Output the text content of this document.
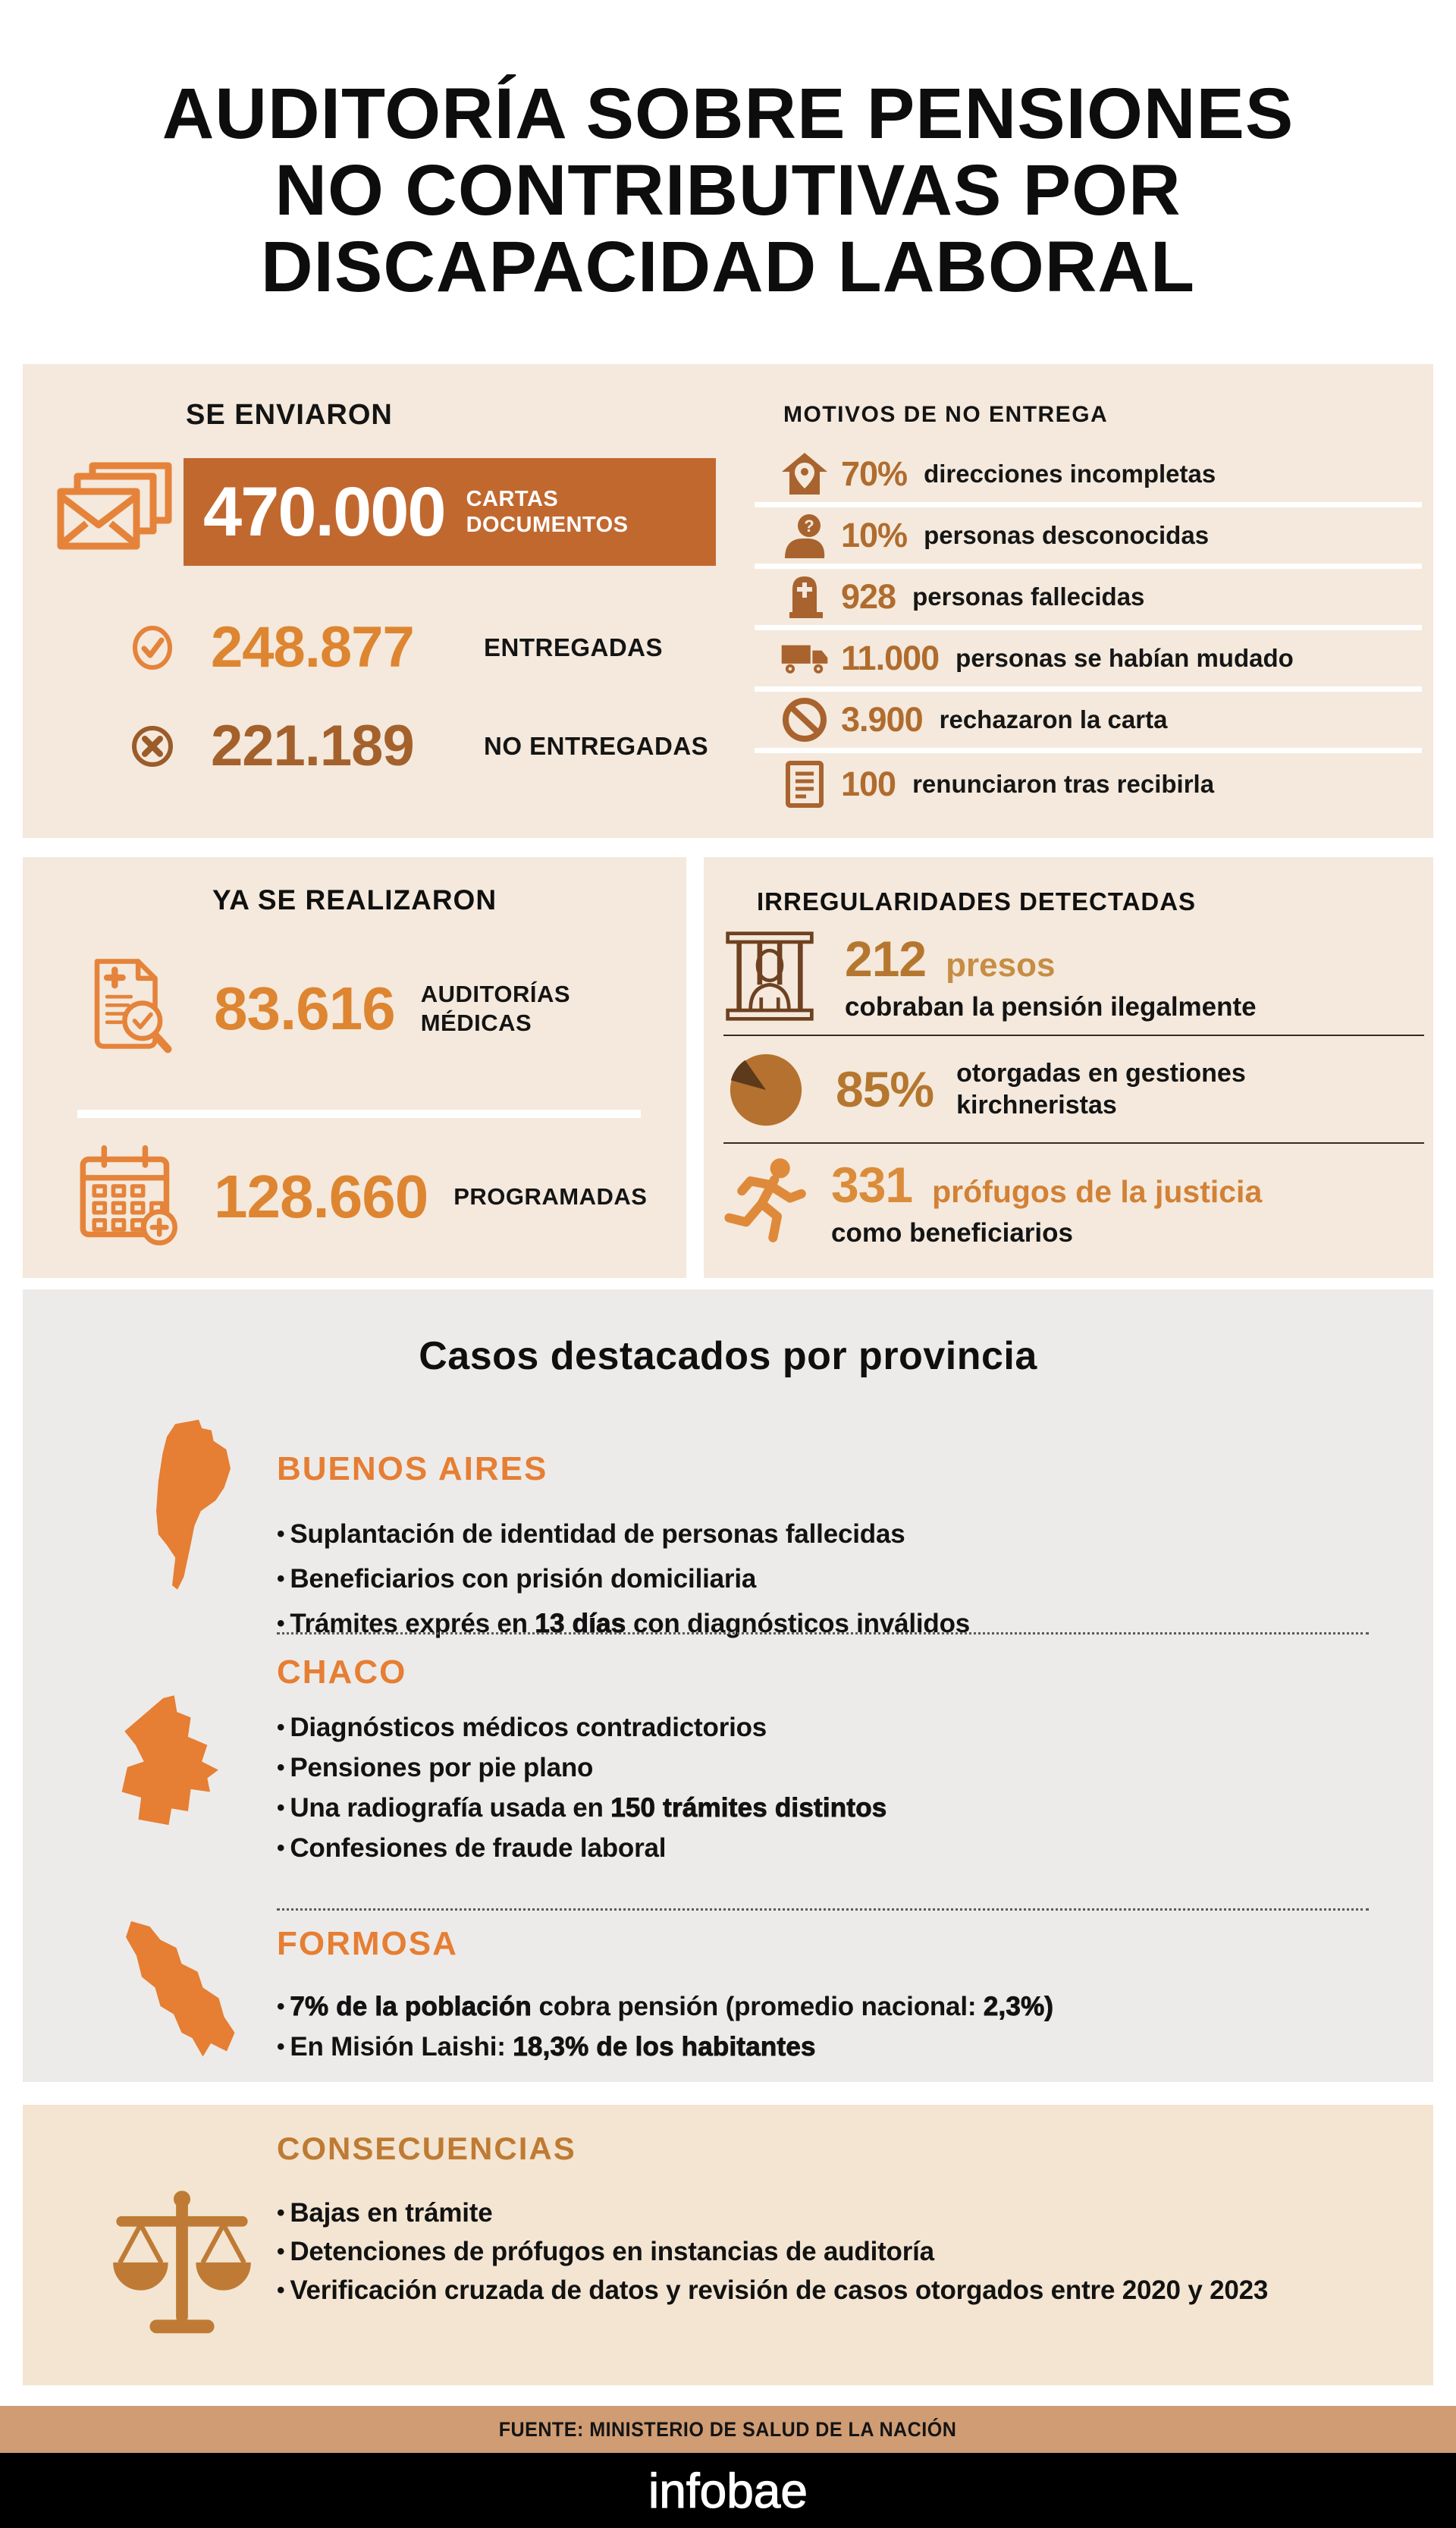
AUDITORÍA SOBRE PENSIONES
NO CONTRIBUTIVAS POR
DISCAPACIDAD LABORAL
SE ENVIARON
470.000 CARTAS
DOCUMENTOS
248.877	ENTREGADAS
221.189	NO ENTREGADAS
MOTIVOS DE NO ENTREGA
70% direcciones incompletas
? 10% personas desconocidas
928 personas fallecidas
11.000 personas se habían mudado
3.900 rechazaron la carta
100 renunciaron tras recibirla
YA SE REALIZARON
83.616 AUDITORÍAS
MÉDICAS
128.660 PROGRAMADAS
IRREGULARIDADES DETECTADAS
212 presos
cobraban la pensión ilegalmente
85% otorgadas en gestiones kirchneristas
331 prófugos de la justicia
como beneficiarios
Casos destacados por provincia
BUENOS AIRES
• Suplantación de identidad de personas fallecidas
• Beneficiarios con prisión domiciliaria
• Trámites exprés en 13 días con diagnósticos inválidos
CHACO
• Diagnósticos médicos contradictorios
• Pensiones por pie plano
• Una radiografía usada en 150 trámites distintos
• Confesiones de fraude laboral
FORMOSA
• 7% de la población cobra pensión (promedio nacional: 2,3%)
• En Misión Laishi: 18,3% de los habitantes
CONSECUENCIAS
• Bajas en trámite
• Detenciones de prófugos en instancias de auditoría
• Verificación cruzada de datos y revisión de casos otorgados entre 2020 y 2023
FUENTE: MINISTERIO DE SALUD DE LA NACIÓN
infobae
